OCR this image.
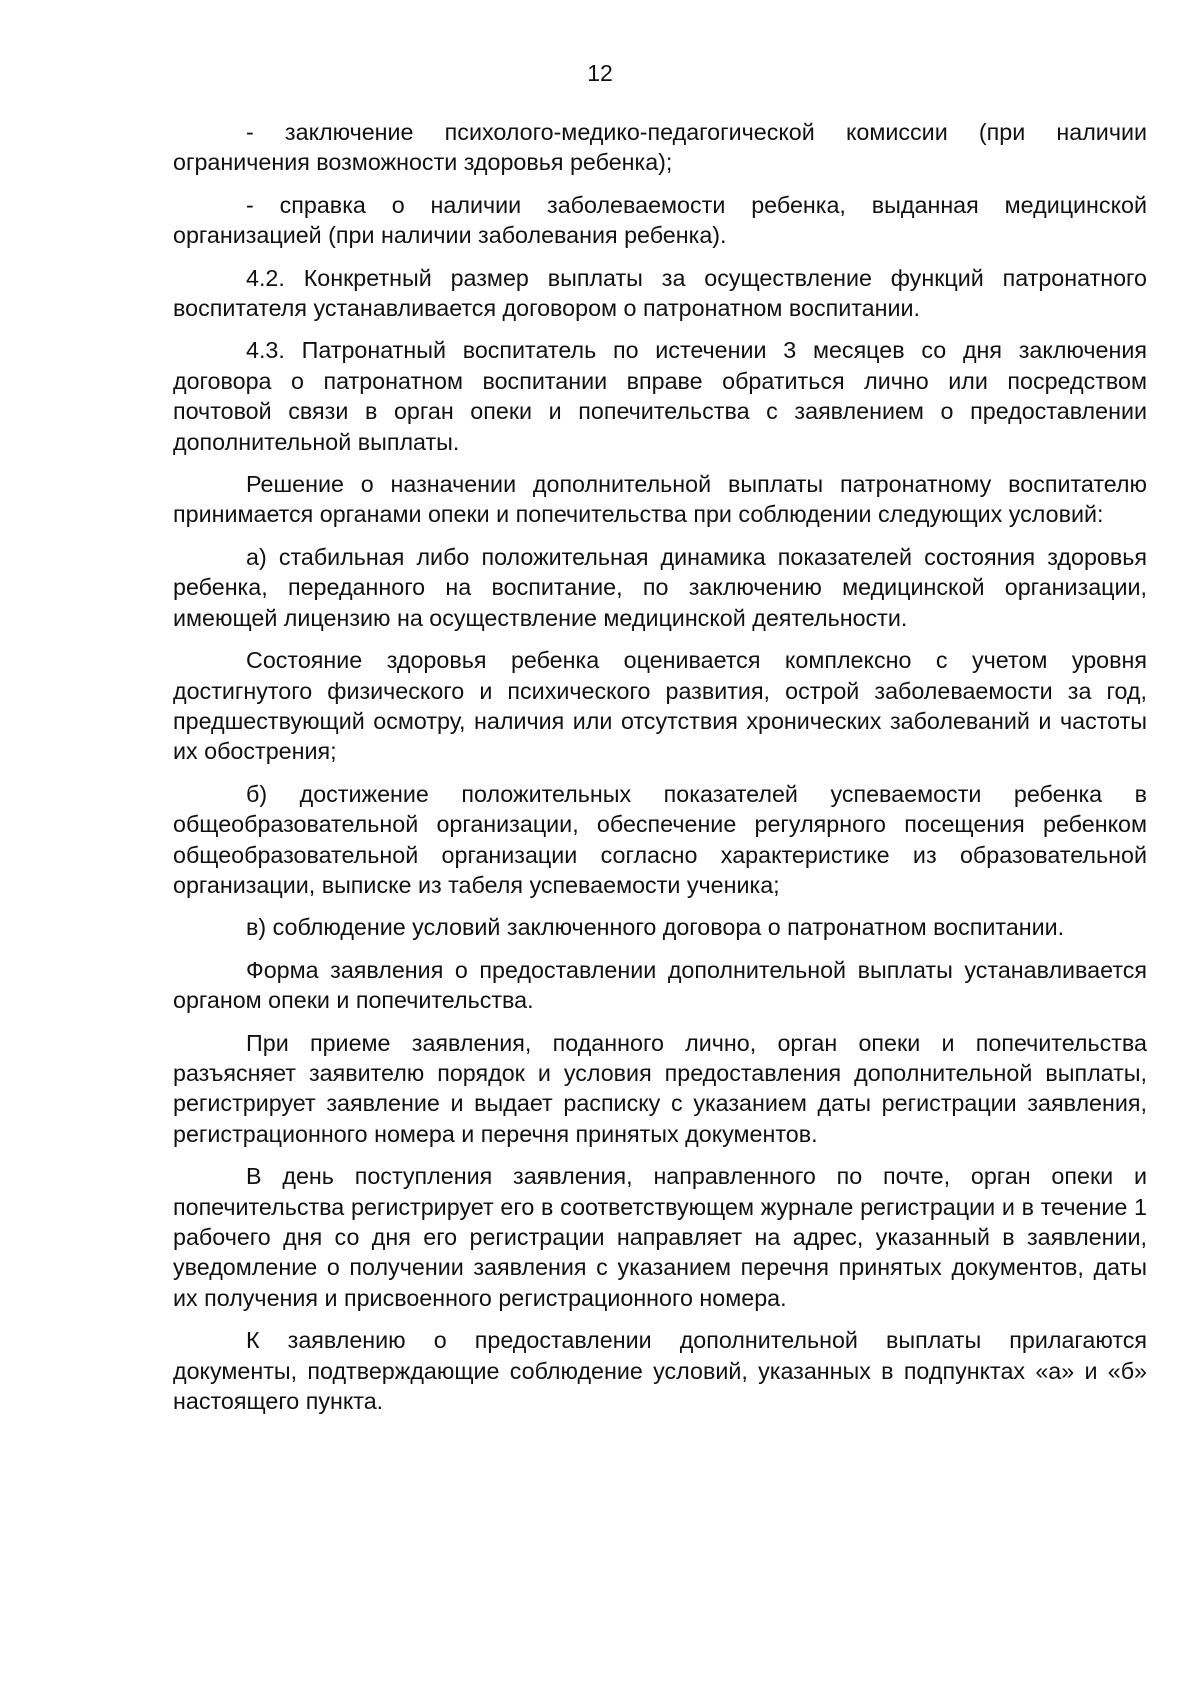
12

- заключение психолого-медико-педагогической комиссии (при наличии ограничения возможности здоровья ребенка);

- справка о наличии заболеваемости ребенка, выданная медицинской организацией (при наличии заболевания ребенка).

4.2. Конкретный размер выплаты за осуществление функций патронатного воспитателя устанавливается договором о патронатном воспитании.

4.3. Патронатный воспитатель по истечении 3 месяцев со дня заключения договора о патронатном воспитании вправе обратиться лично или посредством почтовой связи в орган опеки и попечительства с заявлением о предоставлении дополнительной выплаты.

Решение о назначении дополнительной выплаты патронатному воспитателю принимается органами опеки и попечительства при соблюдении следующих условий:

а) стабильная либо положительная динамика показателей состояния здоровья ребенка, переданного на воспитание, по заключению медицинской организации, имеющей лицензию на осуществление медицинской деятельности.

Состояние здоровья ребенка оценивается комплексно с учетом уровня достигнутого физического и психического развития, острой заболеваемости за год, предшествующий осмотру, наличия или отсутствия хронических заболеваний и частоты их обострения;

б) достижение положительных показателей успеваемости ребенка в общеобразовательной организации, обеспечение регулярного посещения ребенком общеобразовательной организации согласно характеристике из образовательной организации, выписке из табеля успеваемости ученика;

в) соблюдение условий заключенного договора о патронатном воспитании.

Форма заявления о предоставлении дополнительной выплаты устанавливается органом опеки и попечительства.

При приеме заявления, поданного лично, орган опеки и попечительства разъясняет заявителю порядок и условия предоставления дополнительной выплаты, регистрирует заявление и выдает расписку с указанием даты регистрации заявления, регистрационного номера и перечня принятых документов.

В день поступления заявления, направленного по почте, орган опеки и попечительства регистрирует его в соответствующем журнале регистрации и в течение 1 рабочего дня со дня его регистрации направляет на адрес, указанный в заявлении, уведомление о получении заявления с указанием перечня принятых документов, даты их получения и присвоенного регистрационного номера.

К заявлению о предоставлении дополнительной выплаты прилагаются документы, подтверждающие соблюдение условий, указанных в подпунктах «а» и «б» настоящего пункта.
